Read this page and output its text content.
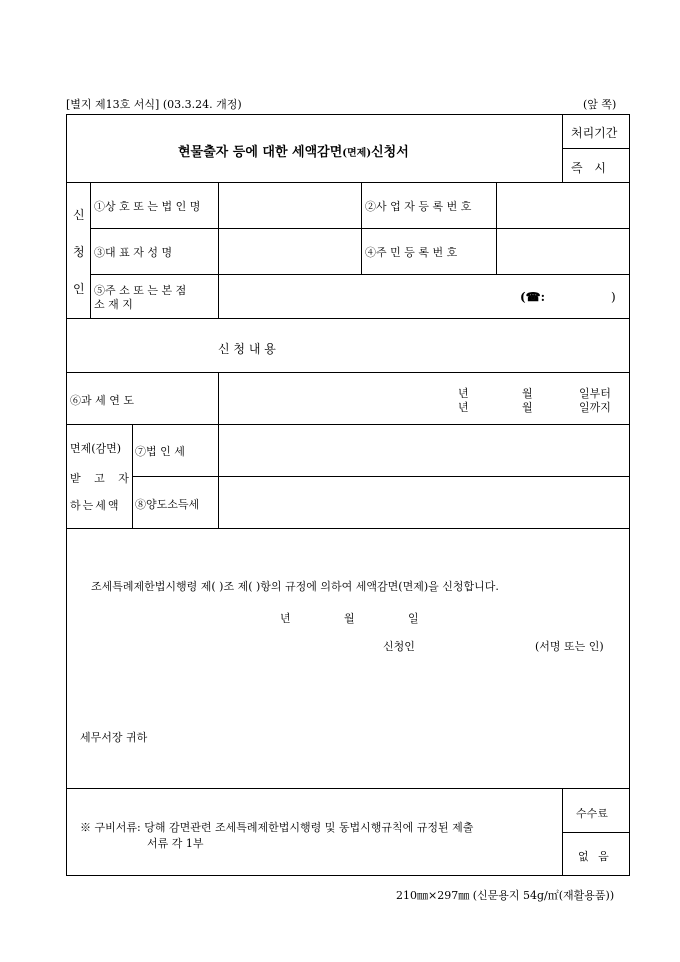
[별지 제13호 서식] (03.3.24. 개정)	(앞 쪽)
현물출자 등에 대한 세액감면(면제)신청서
처리기간
즉 시
신
청
인
①상 호 또 는 법 인 명	②사 업 자 등 록 번 호
③대 표 자 성 명	④주 민 등 록 번 호
⑤주 소 또 는 본 점
소 재 지
(☎:	)
신 청 내 용
⑥과 세 연 도
년	월	일부터
년	월	일까지
면제(감면)
받 고 자
하는세액
⑦법 인 세
⑧양도소득세
조세특례제한법시행령 제( )조 제( )항의 규정에 의하여 세액감면(면제)을 신청합니다.
년	월	일
신청인	(서명 또는 인)
세무서장 귀하
※ 구비서류: 당해 감면관련 조세특례제한법시행령 및 동법시행규칙에 규정된 제출
서류 각 1부
수수료
없 음
210㎜×297㎜ (신문용지 54g/㎡(재활용품))
